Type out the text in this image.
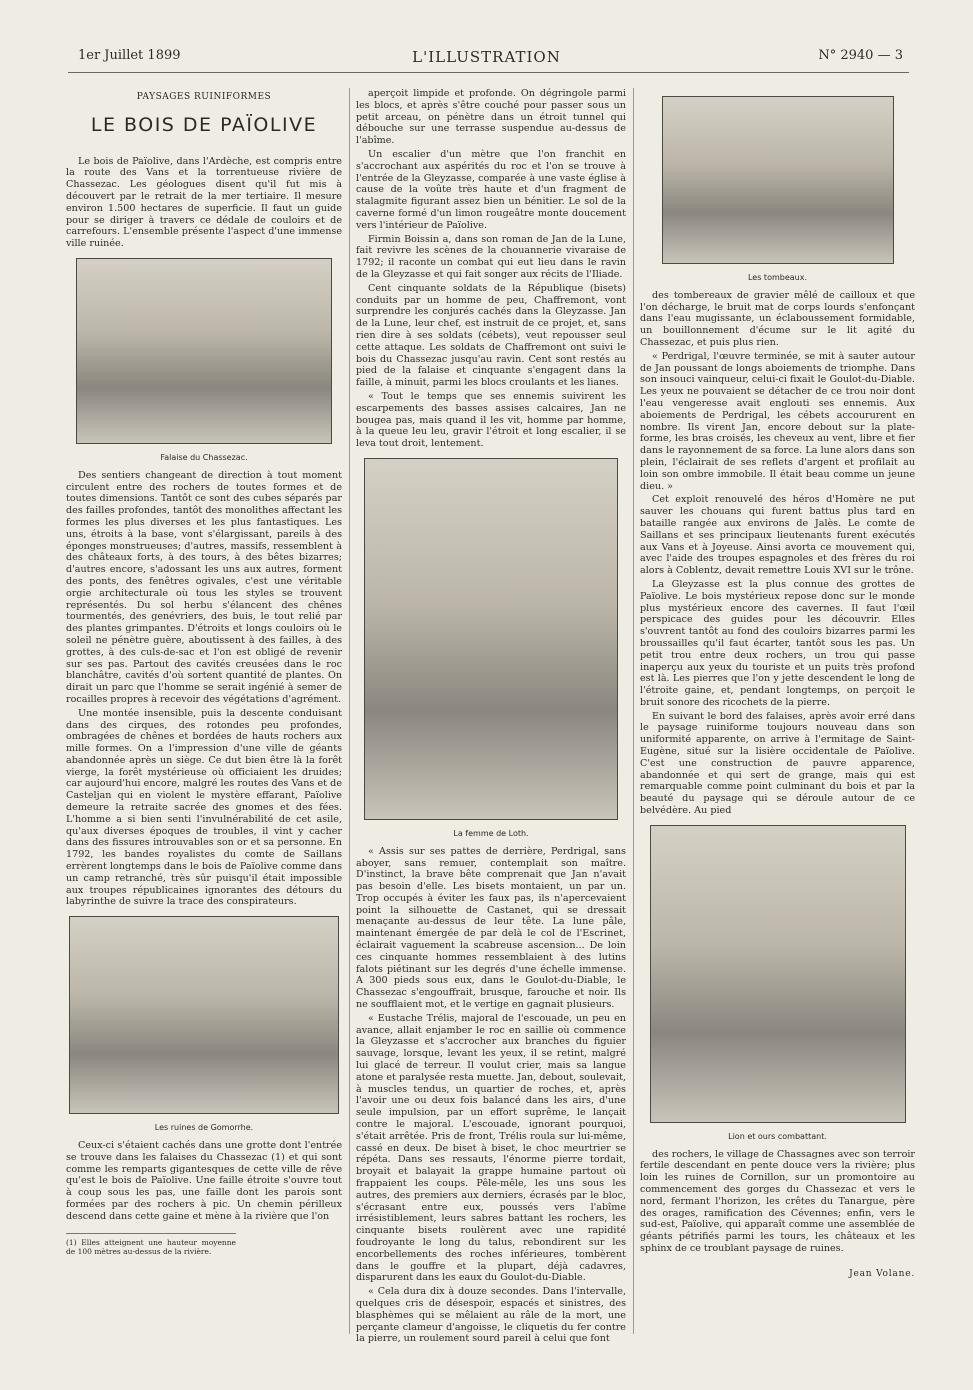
1er Juillet 1899	L'ILLUSTRATION	N° 2940 — 3
PAYSAGES RUINIFORMES
LE BOIS DE PAÏOLIVE

Le bois de Païolive, dans l'Ardèche, est compris entre la route des Vans et la torrentueuse rivière de Chassezac. Les géologues disent qu'il fut mis à découvert par le retrait de la mer tertiaire. Il mesure environ 1.500 hectares de superficie. Il faut un guide pour se diriger à travers ce dédale de couloirs et de carrefours. L'ensemble présente l'aspect d'une immense ville ruinée.

Falaise du Chassezac.

Des sentiers changeant de direction à tout moment circulent entre des rochers de toutes formes et de toutes dimensions. Tantôt ce sont des cubes séparés par des failles profondes, tantôt des monolithes affectant les formes les plus diverses et les plus fantastiques. Les uns, étroits à la base, vont s'élargissant, pareils à des éponges monstrueuses; d'autres, massifs, ressemblent à des châteaux forts, à des tours, à des bêtes bizarres; d'autres encore, s'adossant les uns aux autres, forment des ponts, des fenêtres ogivales, c'est une véritable orgie architecturale où tous les styles se trouvent représentés. Du sol herbu s'élancent des chênes tourmentés, des genévriers, des buis, le tout relié par des plantes grimpantes. D'étroits et longs couloirs où le soleil ne pénètre guère, aboutissent à des failles, à des grottes, à des culs-de-sac et l'on est obligé de revenir sur ses pas. Partout des cavités creusées dans le roc blanchâtre, cavités d'où sortent quantité de plantes. On dirait un parc que l'homme se serait ingénié à semer de rocailles propres à recevoir des végétations d'agrément.

Une montée insensible, puis la descente conduisant dans des cirques, des rotondes peu profondes, ombragées de chênes et bordées de hauts rochers aux mille formes. On a l'impression d'une ville de géants abandonnée après un siège. Ce dut bien être là la forêt vierge, la forêt mystérieuse où officiaient les druides; car aujourd'hui encore, malgré les routes des Vans et de Casteljan qui en violent le mystère effarant, Païolive demeure la retraite sacrée des gnomes et des fées. L'homme a si bien senti l'invulnérabilité de cet asile, qu'aux diverses époques de troubles, il vint y cacher dans des fissures introuvables son or et sa personne. En 1792, les bandes royalistes du comte de Saillans errèrent longtemps dans le bois de Païolive comme dans un camp retranché, très sûr puisqu'il était impossible aux troupes républicaines ignorantes des détours du labyrinthe de suivre la trace des conspirateurs.

Les ruines de Gomorrhe.

Ceux-ci s'étaient cachés dans une grotte dont l'entrée se trouve dans les falaises du Chassezac (1) et qui sont comme les remparts gigantesques de cette ville de rêve qu'est le bois de Païolive. Une faille étroite s'ouvre tout à coup sous les pas, une faille dont les parois sont formées par des rochers à pic. Un chemin périlleux descend dans cette gaine et mène à la rivière que l'on

(1) Elles atteignent une hauteur moyenne de 100 mètres au-dessus de la rivière.

aperçoit limpide et profonde. On dégringole parmi les blocs, et après s'être couché pour passer sous un petit arceau, on pénètre dans un étroit tunnel qui débouche sur une terrasse suspendue au-dessus de l'abîme.

Un escalier d'un mètre que l'on franchit en s'accrochant aux aspérités du roc et l'on se trouve à l'entrée de la Gleyzasse, comparée à une vaste église à cause de la voûte très haute et d'un fragment de stalagmite figurant assez bien un bénitier. Le sol de la caverne formé d'un limon rougeâtre monte doucement vers l'intérieur de Païolive.

Firmin Boissin a, dans son roman de Jan de la Lune, fait revivre les scènes de la chouannerie vivaraise de 1792; il raconte un combat qui eut lieu dans le ravin de la Gleyzasse et qui fait songer aux récits de l'Iliade.

Cent cinquante soldats de la République (bisets) conduits par un homme de peu, Chaffremont, vont surprendre les conjurés cachés dans la Gleyzasse. Jan de la Lune, leur chef, est instruit de ce projet, et, sans rien dire à ses soldats (cébets), veut repousser seul cette attaque. Les soldats de Chaffremont ont suivi le bois du Chassezac jusqu'au ravin. Cent sont restés au pied de la falaise et cinquante s'engagent dans la faille, à minuit, parmi les blocs croulants et les lianes.

« Tout le temps que ses ennemis suivirent les escarpements des basses assises calcaires, Jan ne bougea pas, mais quand il les vit, homme par homme, à la queue leu leu, gravir l'étroit et long escalier, il se leva tout droit, lentement.

La femme de Loth.

« Assis sur ses pattes de derrière, Perdrigal, sans aboyer, sans remuer, contemplait son maître. D'instinct, la brave bête comprenait que Jan n'avait pas besoin d'elle. Les bisets montaient, un par un. Trop occupés à éviter les faux pas, ils n'apercevaient point la silhouette de Castanet, qui se dressait menaçante au-dessus de leur tête. La lune pâle, maintenant émergée de par delà le col de l'Escrinet, éclairait vaguement la scabreuse ascension... De loin ces cinquante hommes ressemblaient à des lutins falots piétinant sur les degrés d'une échelle immense. A 300 pieds sous eux, dans le Goulot-du-Diable, le Chassezac s'engouffrait, brusque, farouche et noir. Ils ne soufflaient mot, et le vertige en gagnait plusieurs.

« Eustache Trélis, majoral de l'escouade, un peu en avance, allait enjamber le roc en saillie où commence la Gleyzasse et s'accrocher aux branches du figuier sauvage, lorsque, levant les yeux, il se retint, malgré lui glacé de terreur. Il voulut crier, mais sa langue atone et paralysée resta muette. Jan, debout, soulevait, à muscles tendus, un quartier de roches, et, après l'avoir une ou deux fois balancé dans les airs, d'une seule impulsion, par un effort suprême, le lançait contre le majoral. L'escouade, ignorant pourquoi, s'était arrêtée. Pris de front, Trélis roula sur lui-même, cassé en deux. De biset à biset, le choc meurtrier se répéta. Dans ses ressauts, l'énorme pierre tordait, broyait et balayait la grappe humaine partout où frappaient les coups. Pêle-mêle, les uns sous les autres, des premiers aux derniers, écrasés par le bloc, s'écrasant entre eux, poussés vers l'abîme irrésistiblement, leurs sabres battant les rochers, les cinquante bisets roulèrent avec une rapidité foudroyante le long du talus, rebondirent sur les encorbellements des roches inférieures, tombèrent dans le gouffre et la plupart, déjà cadavres, disparurent dans les eaux du Goulot-du-Diable.

« Cela dura dix à douze secondes. Dans l'intervalle, quelques cris de désespoir, espacés et sinistres, des blasphèmes qui se mêlaient au râle de la mort, une perçante clameur d'angoisse, le cliquetis du fer contre la pierre, un roulement sourd pareil à celui que font

Les tombeaux.

des tombereaux de gravier mêlé de cailloux et que l'on décharge, le bruit mat de corps lourds s'enfonçant dans l'eau mugissante, un éclaboussement formidable, un bouillonnement d'écume sur le lit agité du Chassezac, et puis plus rien.

« Perdrigal, l'œuvre terminée, se mit à sauter autour de Jan poussant de longs aboiements de triomphe. Dans son insouci vainqueur, celui-ci fixait le Goulot-du-Diable. Les yeux ne pouvaient se détacher de ce trou noir dont l'eau vengeresse avait englouti ses ennemis. Aux aboiements de Perdrigal, les cébets accoururent en nombre. Ils virent Jan, encore debout sur la plate-forme, les bras croisés, les cheveux au vent, libre et fier dans le rayonnement de sa force. La lune alors dans son plein, l'éclairait de ses reflets d'argent et profilait au loin son ombre immobile. Il était beau comme un jeune dieu. »

Cet exploit renouvelé des héros d'Homère ne put sauver les chouans qui furent battus plus tard en bataille rangée aux environs de Jalès. Le comte de Saillans et ses principaux lieutenants furent exécutés aux Vans et à Joyeuse. Ainsi avorta ce mouvement qui, avec l'aide des troupes espagnoles et des frères du roi alors à Coblentz, devait remettre Louis XVI sur le trône.

La Gleyzasse est la plus connue des grottes de Païolive. Le bois mystérieux repose donc sur le monde plus mystérieux encore des cavernes. Il faut l'œil perspicace des guides pour les découvrir. Elles s'ouvrent tantôt au fond des couloirs bizarres parmi les broussailles qu'il faut écarter, tantôt sous les pas. Un petit trou entre deux rochers, un trou qui passe inaperçu aux yeux du touriste et un puits très profond est là. Les pierres que l'on y jette descendent le long de l'étroite gaine, et, pendant longtemps, on perçoit le bruit sonore des ricochets de la pierre.

En suivant le bord des falaises, après avoir erré dans le paysage ruiniforme toujours nouveau dans son uniformité apparente, on arrive à l'ermitage de Saint-Eugène, situé sur la lisière occidentale de Païolive. C'est une construction de pauvre apparence, abandonnée et qui sert de grange, mais qui est remarquable comme point culminant du bois et par la beauté du paysage qui se déroule autour de ce belvédère. Au pied

Lion et ours combattant.

des rochers, le village de Chassagnes avec son terroir fertile descendant en pente douce vers la rivière; plus loin les ruines de Cornillon, sur un promontoire au commencement des gorges du Chassezac et vers le nord, fermant l'horizon, les crêtes du Tanargue, père des orages, ramification des Cévennes; enfin, vers le sud-est, Païolive, qui apparaît comme une assemblée de géants pétrifiés parmi les tours, les châteaux et les sphinx de ce troublant paysage de ruines.

Jean Volane.
